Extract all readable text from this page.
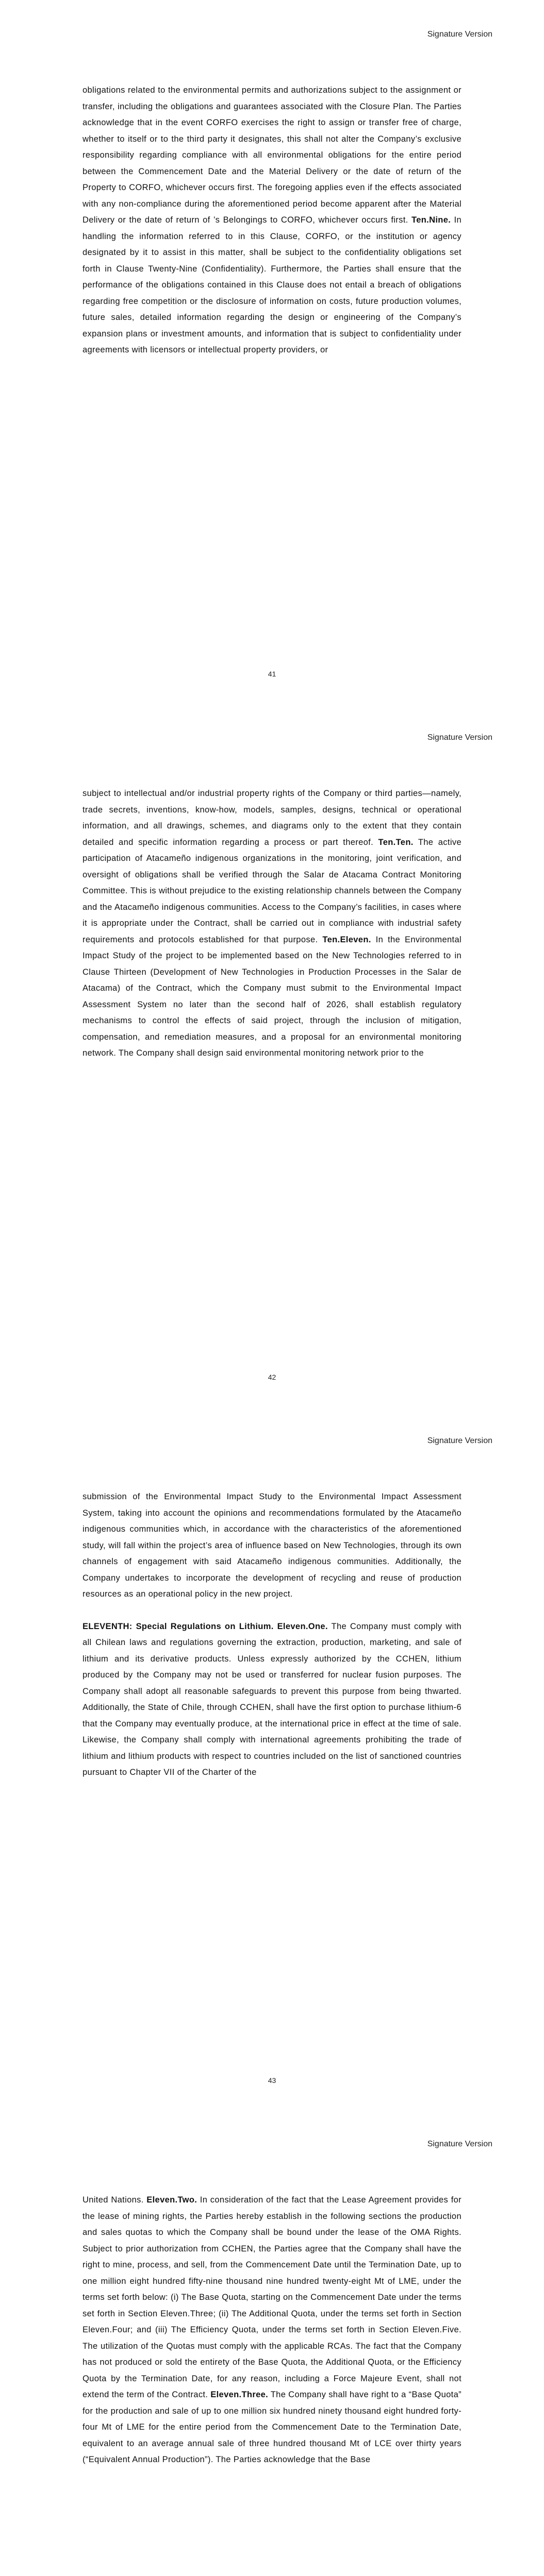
Signature Version

obligations related to the environmental permits and authorizations subject to the assignment or transfer, including the obligations and guarantees associated with the Closure Plan. The Parties acknowledge that in the event CORFO exercises the right to assign or transfer free of charge, whether to itself or to the third party it designates, this shall not alter the Company’s exclusive responsibility regarding compliance with all environmental obligations for the entire period between the Commencement Date and the Material Delivery or the date of return of the Property to CORFO, whichever occurs first. The foregoing applies even if the effects associated with any non-compliance during the aforementioned period become apparent after the Material Delivery or the date of return of ’s Belongings to CORFO, whichever occurs first. Ten.Nine. In handling the information referred to in this Clause, CORFO, or the institution or agency designated by it to assist in this matter, shall be subject to the confidentiality obligations set forth in Clause Twenty-Nine (Confidentiality). Furthermore, the Parties shall ensure that the performance of the obligations contained in this Clause does not entail a breach of obligations regarding free competition or the disclosure of information on costs, future production volumes, future sales, detailed information regarding the design or engineering of the Company’s expansion plans or investment amounts, and information that is subject to confidentiality under agreements with licensors or intellectual property providers, or

41
Signature Version

subject to intellectual and/or industrial property rights of the Company or third parties—namely, trade secrets, inventions, know-how, models, samples, designs, technical or operational information, and all drawings, schemes, and diagrams only to the extent that they contain detailed and specific information regarding a process or part thereof. Ten.Ten. The active participation of Atacameño indigenous organizations in the monitoring, joint verification, and oversight of obligations shall be verified through the Salar de Atacama Contract Monitoring Committee. This is without prejudice to the existing relationship channels between the Company and the Atacameño indigenous communities. Access to the Company’s facilities, in cases where it is appropriate under the Contract, shall be carried out in compliance with industrial safety requirements and protocols established for that purpose. Ten.Eleven. In the Environmental Impact Study of the project to be implemented based on the New Technologies referred to in Clause Thirteen (Development of New Technologies in Production Processes in the Salar de Atacama) of the Contract, which the Company must submit to the Environmental Impact Assessment System no later than the second half of 2026, shall establish regulatory mechanisms to control the effects of said project, through the inclusion of mitigation, compensation, and remediation measures, and a proposal for an environmental monitoring network. The Company shall design said environmental monitoring network prior to the

42
Signature Version

submission of the Environmental Impact Study to the Environmental Impact Assessment System, taking into account the opinions and recommendations formulated by the Atacameño indigenous communities which, in accordance with the characteristics of the aforementioned study, will fall within the project’s area of influence based on New Technologies, through its own channels of engagement with said Atacameño indigenous communities. Additionally, the Company undertakes to incorporate the development of recycling and reuse of production resources as an operational policy in the new project.

ELEVENTH: Special Regulations on Lithium. Eleven.One. The Company must comply with all Chilean laws and regulations governing the extraction, production, marketing, and sale of lithium and its derivative products. Unless expressly authorized by the CCHEN, lithium produced by the Company may not be used or transferred for nuclear fusion purposes. The Company shall adopt all reasonable safeguards to prevent this purpose from being thwarted. Additionally, the State of Chile, through CCHEN, shall have the first option to purchase lithium-6 that the Company may eventually produce, at the international price in effect at the time of sale. Likewise, the Company shall comply with international agreements prohibiting the trade of lithium and lithium products with respect to countries included on the list of sanctioned countries pursuant to Chapter VII of the Charter of the

43
Signature Version

United Nations. Eleven.Two. In consideration of the fact that the Lease Agreement provides for the lease of mining rights, the Parties hereby establish in the following sections the production and sales quotas to which the Company shall be bound under the lease of the OMA Rights. Subject to prior authorization from CCHEN, the Parties agree that the Company shall have the right to mine, process, and sell, from the Commencement Date until the Termination Date, up to one million eight hundred fifty-nine thousand nine hundred twenty-eight Mt of LME, under the terms set forth below: (i) The Base Quota, starting on the Commencement Date under the terms set forth in Section Eleven.Three; (ii) The Additional Quota, under the terms set forth in Section Eleven.Four; and (iii) The Efficiency Quota, under the terms set forth in Section Eleven.Five. The utilization of the Quotas must comply with the applicable RCAs. The fact that the Company has not produced or sold the entirety of the Base Quota, the Additional Quota, or the Efficiency Quota by the Termination Date, for any reason, including a Force Majeure Event, shall not extend the term of the Contract. Eleven.Three. The Company shall have right to a “Base Quota” for the production and sale of up to one million six hundred ninety thousand eight hundred forty-four Mt of LME for the entire period from the Commencement Date to the Termination Date, equivalent to an average annual sale of three hundred thousand Mt of LCE over thirty years (“Equivalent Annual Production”). The Parties acknowledge that the Base
